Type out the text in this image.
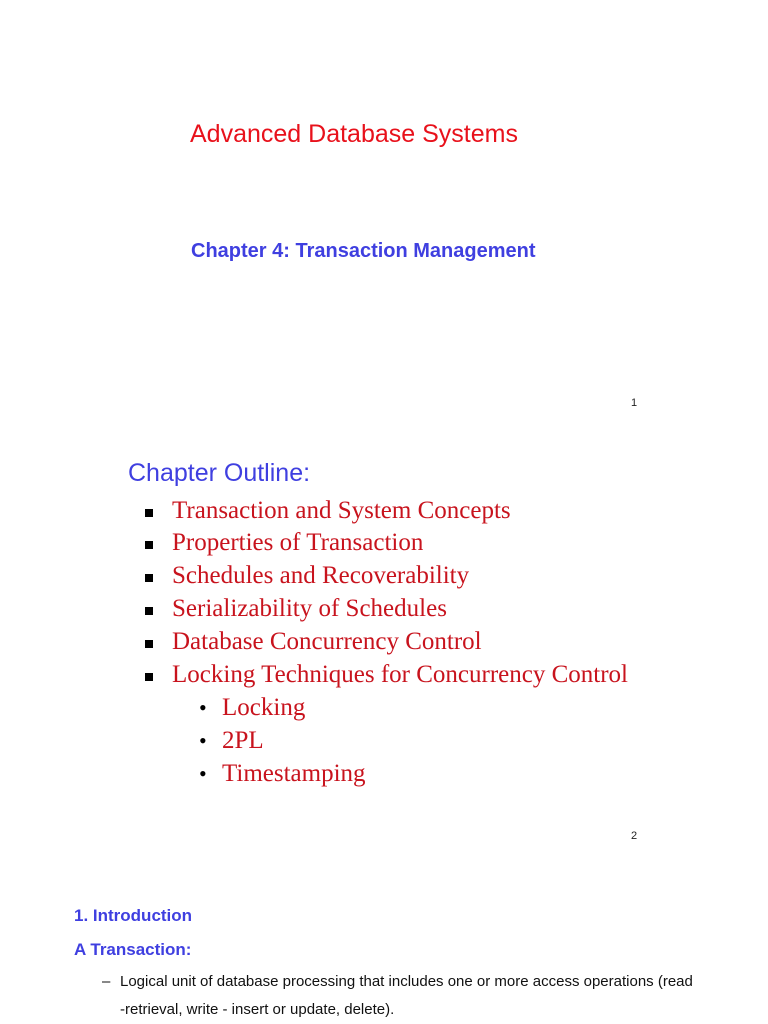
Advanced Database Systems
Chapter 4: Transaction Management
1
Chapter Outline:
Transaction and System Concepts
Properties of Transaction
Schedules and Recoverability
Serializability of Schedules
Database Concurrency Control
Locking Techniques for Concurrency Control
• Locking
• 2PL
• Timestamping
2
1. Introduction
A Transaction:
– Logical unit of database processing that includes one or more access operations (read
-retrieval, write - insert or update, delete).
